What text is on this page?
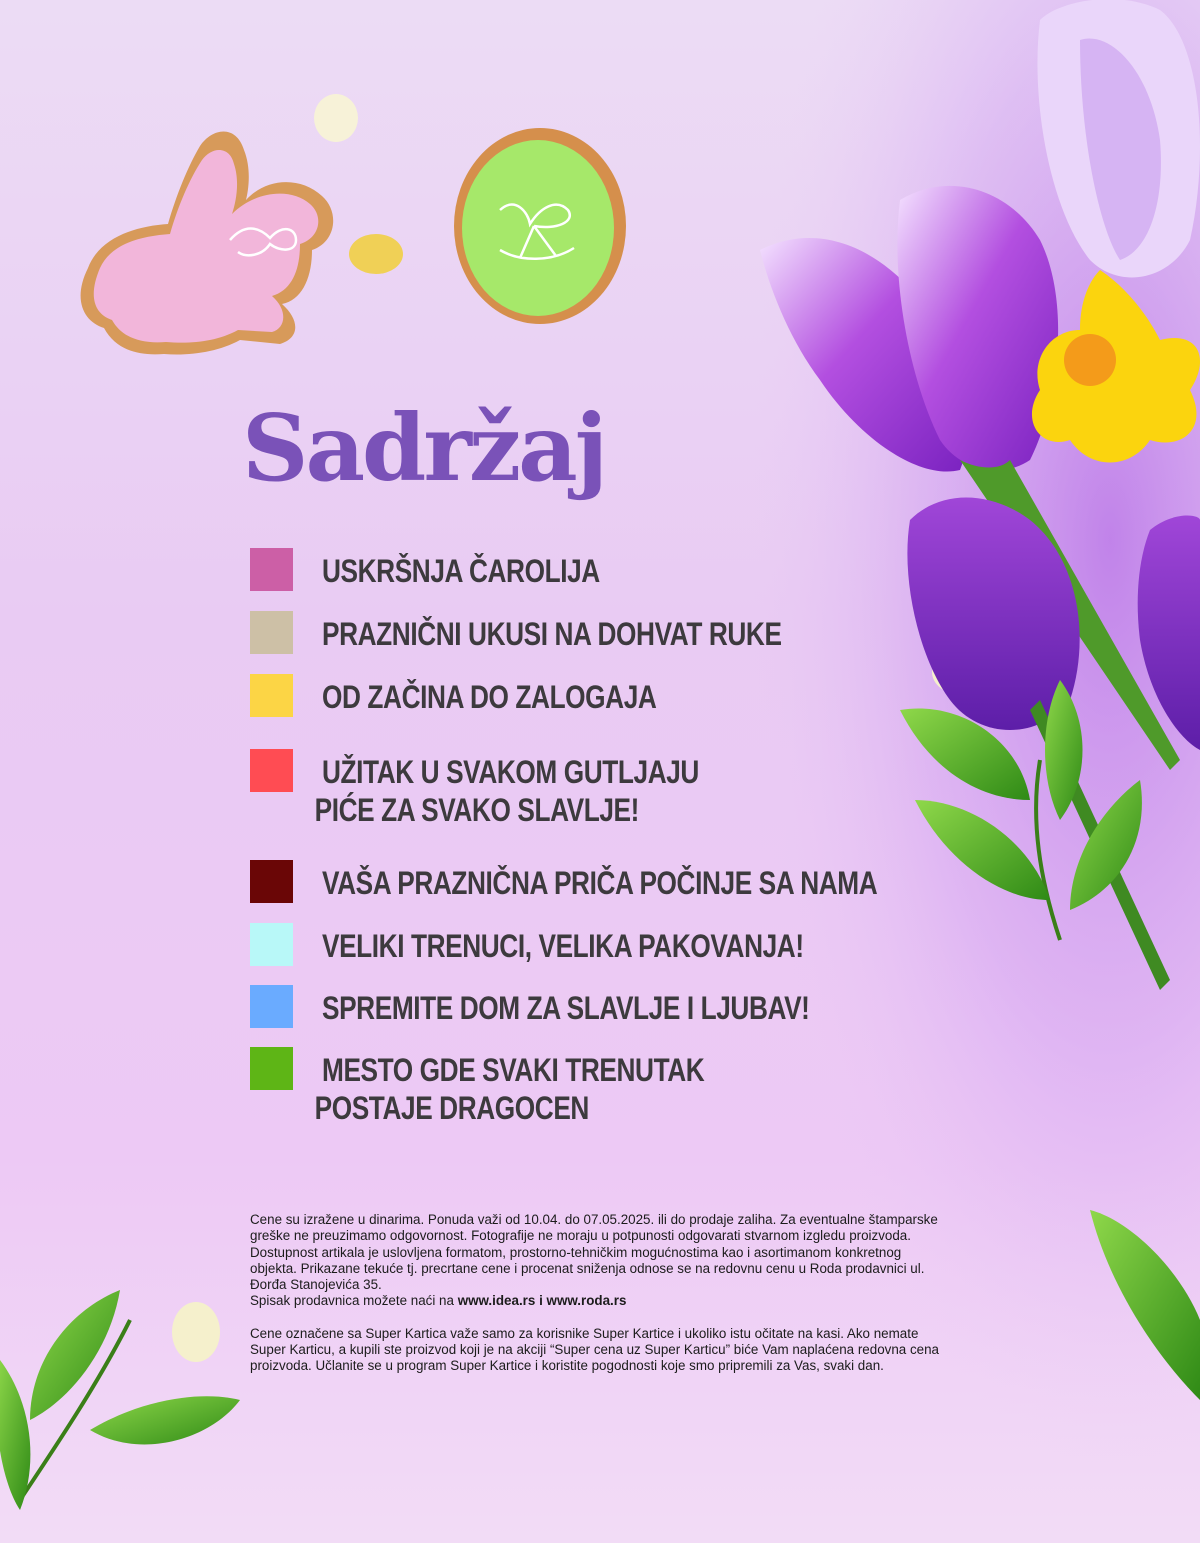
Sadržaj
USKRŠNJA ČAROLIJA
PRAZNIČNI UKUSI NA DOHVAT RUKE
OD ZAČINA DO ZALOGAJA
UŽITAK U SVAKOM GUTLJAJU
PIĆE ZA SVAKO SLAVLJE!
VAŠA PRAZNIČNA PRIČA POČINJE SA NAMA
VELIKI TRENUCI, VELIKA PAKOVANJA!
SPREMITE DOM ZA SLAVLJE I LJUBAV!
MESTO GDE SVAKI TRENUTAK
POSTAJE DRAGOCEN

Cene su izražene u dinarima. Ponuda važi od 10.04. do 07.05.2025. ili do prodaje zaliha. Za eventualne štamparske greške ne preuzimamo odgovornost. Fotografije ne moraju u potpunosti odgovarati stvarnom izgledu proizvoda. Dostupnost artikala je uslovljena formatom, prostorno-tehničkim mogućnostima kao i asortimanom konkretnog objekta. Prikazane tekuće tj. precrtane cene i procenat sniženja odnose se na redovnu cenu u Roda prodavnici ul. Đorđa Stanojevića 35.
Spisak prodavnica možete naći na www.idea.rs i www.roda.rs

Cene označene sa Super Kartica važe samo za korisnike Super Kartice i ukoliko istu očitate na kasi. Ako nemate Super Karticu, a kupili ste proizvod koji je na akciji “Super cena uz Super Karticu” biće Vam naplaćena redovna cena proizvoda. Učlanite se u program Super Kartice i koristite pogodnosti koje smo pripremili za Vas, svaki dan.
